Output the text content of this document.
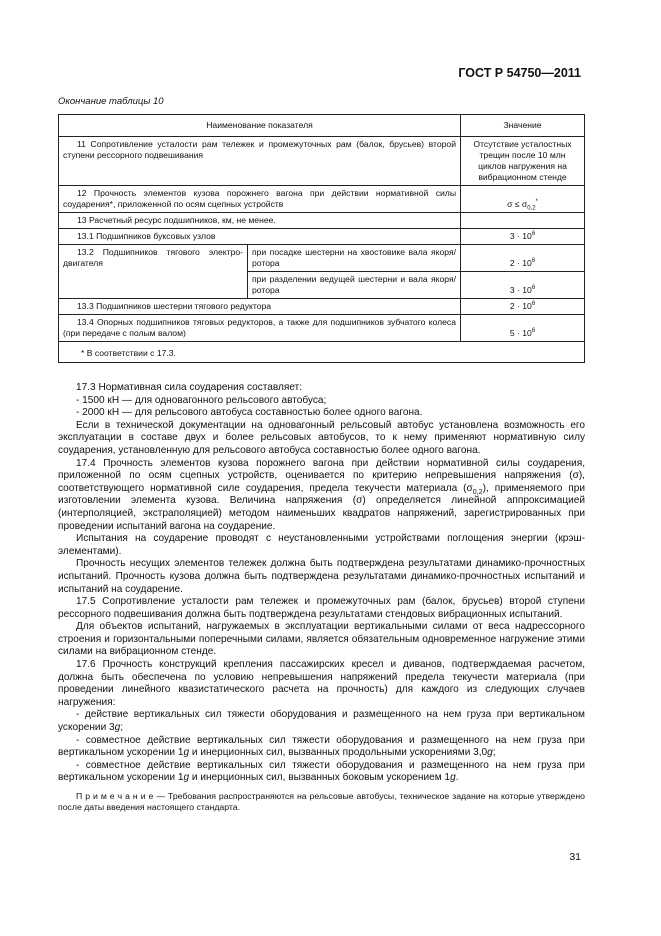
ГОСТ Р 54750—2011
Окончание таблицы 10
Наименование показателя		Значение
11 Сопротивление усталости рам тележек и промежуточных рам (балок, брусьев) второй ступени рессорного подвешивания		Отсутствие усталостных трещин после 10 млн циклов нагружения на вибрационном стенде
12 Прочность элементов кузова порожнего вагона при действии нормативной силы соударения*, приложенной по осям сцепных устройств		$\sigma \le \sigma_{0,2}^*$
13 Расчетный ресурс подшипников, км, не менее.		
13.1 Подшипников буксовых узлов		$3 \cdot 10^6$
13.2 Подшипников тягового электро-двигателя	при посадке шестерни на хвостовике вала якоря/ротора	$2 \cdot 10^6$
	при разделении ведущей шестерни и вала якоря/ротора	$3 \cdot 10^6$
13.3 Подшипников шестерни тягового редуктора		$2 \cdot 10^6$
13.4 Опорных подшипников тяговых редукторов, а также для подшипников зубчатого колеса (при передаче с полым валом)		$5 \cdot 10^6$
* В соответствии с 17.3.		

17.3 Нормативная сила соударения составляет:

- 1500 кН — для одновагонного рельсового автобуса;

- 2000 кН — для рельсового автобуса составностью более одного вагона.

Если в технической документации на одновагонный рельсовый автобус установлена возможность его эксплуатации в составе двух и более рельсовых автобусов, то к нему применяют нормативную силу соударения, установленную для рельсового автобуса составностью более одного вагона.

17.4 Прочность элементов кузова порожнего вагона при действии нормативной силы соударения, приложенной по осям сцепных устройств, оценивается по критерию непревышения напряжения (σ), соответствующего нормативной силе соударения, предела текучести материала $(\sigma_{0,2})$, применяемого при изготовлении элемента кузова. Величина напряжения (σ) определяется линейной аппроксимацией (интерполяцией, экстраполяцией) методом наименьших квадратов напряжений, зарегистрированных при проведении испытаний вагона на соударение.

Испытания на соударение проводят с неустановленными устройствами поглощения энергии (крэш-элементами).

Прочность несущих элементов тележек должна быть подтверждена результатами динамико-прочностных испытаний. Прочность кузова должна быть подтверждена результатами динамико-прочностных испытаний и испытаний на соударение.

17.5 Сопротивление усталости рам тележек и промежуточных рам (балок, брусьев) второй ступени рессорного подвешивания должна быть подтверждена результатами стендовых вибрационных испытаний.

Для объектов испытаний, нагружаемых в эксплуатации вертикальными силами от веса надрессорного строения и горизонтальными поперечными силами, является обязательным одновременное нагружение этими силами на вибрационном стенде.

17.6 Прочность конструкций крепления пассажирских кресел и диванов, подтверждаемая расчетом, должна быть обеспечена по условию непревышения напряжений предела текучести материала (при проведении линейного квазистатического расчета на прочность) для каждого из следующих случаев нагружения:

- действие вертикальных сил тяжести оборудования и размещенного на нем груза при вертикальном ускорении 3g;

- совместное действие вертикальных сил тяжести оборудования и размещенного на нем груза при вертикальном ускорении 1g и инерционных сил, вызванных продольными ускорениями 3,0g;

- совместное действие вертикальных сил тяжести оборудования и размещенного на нем груза при вертикальном ускорении 1g и инерционных сил, вызванных боковым ускорением 1g.

П р и м е ч а н и е — Требования распространяются на рельсовые автобусы, техническое задание на которые утверждено после даты введения настоящего стандарта.

31
